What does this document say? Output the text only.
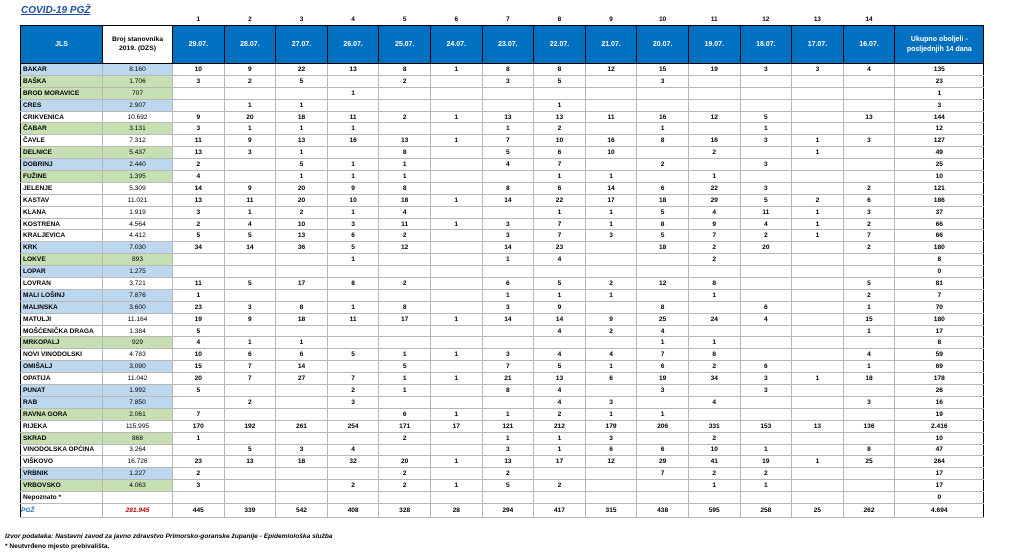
COVID-19 PGŽ
		1	2	3	4	5	6	7	8	9	10	11	12	13	14	
JLS	Broj stanovnika 2019. (DZS)	29.07.	28.07.	27.07.	26.07.	25.07.	24.07.	23.07.	22.07.	21.07.	20.07.	19.07.	18.07.	17.07.	16.07.	Ukupno oboljeli - posljednjih 14 dana
BAKAR	8.160	10	9	22	13	8	1	8	8	12	15	19	3	3	4	135
BAŠKA	1.706	3	2	5		2		3	5		3					23
BROD MORAVICE	707				1											1
CRES	2.907		1	1					1							3
CRIKVENICA	10.692	9	20	18	11	2	1	13	13	11	16	12	5		13	144
ČABAR	3.131	3	1	1	1			1	2		1		1			12
ČAVLE	7.312	11	9	13	16	13	1	7	10	16	8	16	3	1	3	127
DELNICE	5.437	13	3	1		8		5	6	10		2		1		49
DOBRINJ	2.440	2		5	1	1		4	7		2		3			25
FUŽINE	1.395	4		1	1	1			1	1		1				10
JELENJE	5.309	14	9	20	9	8		8	6	14	6	22	3		2	121
KASTAV	11.021	13	11	20	10	18	1	14	22	17	18	29	5	2	6	186
KLANA	1.919	3	1	2	1	4			1	1	5	4	11	1	3	37
KOSTRENA	4.564	2	4	10	3	11	1	3	7	1	8	9	4	1	2	66
KRALJEVICA	4.412	5	5	13	6	2		3	7	3	5	7	2	1	7	66
KRK	7.030	34	14	36	5	12		14	23		18	2	20		2	180
LOKVE	893				1			1	4			2				8
LOPAR	1.275															0
LOVRAN	3.721	11	5	17	8	2		6	5	2	12	8			5	81
MALI LOŠINJ	7.876	1						1	1	1		1			2	7
MALINSKA	3.600	23	3	8	1	8		3	9		8		6		1	70
MATULJI	11.164	19	9	18	11	17	1	14	14	9	25	24	4		15	180
MOŠĆENIČKA DRAGA	1.384	5							4	2	4				1	17
MRKOPALJ	929	4	1	1							1	1				8
NOVI VINODOLSKI	4.783	10	6	6	5	1	1	3	4	4	7	8			4	59
OMIŠALJ	3.090	15	7	14		5		7	5	1	6	2	6		1	69
OPATIJA	11.042	20	7	27	7	1	1	21	13	6	19	34	3	1	18	178
PUNAT	1.992	5			2	1		8	4		3		3			26
RAB	7.850		2		3				4	3		4			3	16
RAVNA GORA	2.061	7				6	1	1	2	1	1					19
RIJEKA	115.995	170	192	261	254	171	17	121	212	179	206	331	153	13	136	2.416
SKRAD	868	1				2		1	1	3		2				10
VINODOLSKA OPĆINA	3.264		5	3	4			3	1	6	6	10	1		8	47
VIŠKOVO	16.726	23	13	18	32	20	1	13	17	12	29	41	19	1	25	264
VRBNIK	1.227	2				2		2			7	2	2			17
VRBOVSKO	4.063	3			2	2	1	5	2			1	1			17
Nepoznato *																0
	281.945	445	339	542	408	328	28	294	417	315	438	595	258	25	262	4.694
PGŽ
Izvor podataka: Nastavni zavod za javno zdravstvo Primorsko-goranske županije - Epidemiološka služba
* Neutvrđeno mjesto prebivališta.
